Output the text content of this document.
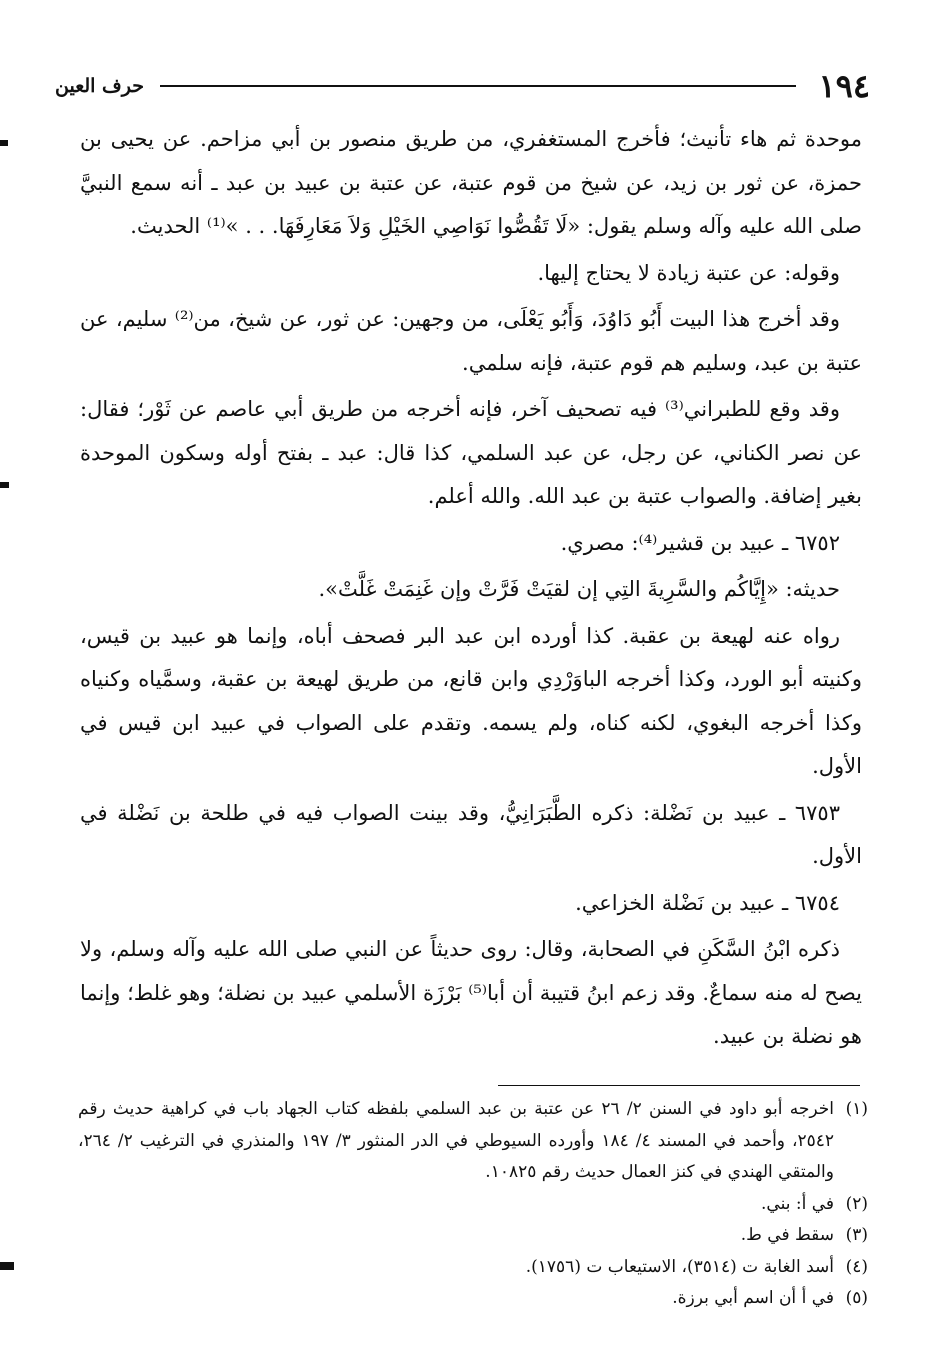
١٩٤
حرف العين

موحدة ثم هاء تأنيث؛ فأخرج المستغفري، من طريق منصور بن أبي مزاحم. عن يحيى بن حمزة، عن ثور بن زيد، عن شيخ من قوم عتبة، عن عتبة بن عبيد بن عبد ـ أنه سمع النبيَّ صلى الله عليه وآله وسلم يقول: «لَا تَقُصُّوا نَوَاصِي الخَيْلِ وَلاَ مَعَارِفَهَا. . . »⁽¹⁾ الحديث.

وقوله: عن عتبة زيادة لا يحتاج إليها.

وقد أخرج هذا البيت أَبُو دَاوُدَ، وَأَبُو يَعْلَى، من وجهين: عن ثور، عن شيخ، من⁽²⁾ سليم، عن عتبة بن عبد، وسليم هم قوم عتبة، فإنه سلمي.

وقد وقع للطبراني⁽³⁾ فيه تصحيف آخر، فإنه أخرجه من طريق أبي عاصم عن ثَوْر؛ فقال: عن نصر الكناني، عن رجل، عن عبد السلمي، كذا قال: عبد ـ بفتح أوله وسكون الموحدة بغير إضافة. والصواب عتبة بن عبد الله. والله أعلم.

٦٧٥٢ ـ عبيد بن قشير⁽⁴⁾: مصري.

حديثه: «إِيَّاكُم والسَّرِيةَ التِي إن لقيَتْ فَرَّتْ وإن غَنِمَتْ غَلَّتْ».

رواه عنه لهيعة بن عقبة. كذا أورده ابن عبد البر فصحف أباه، وإنما هو عبيد بن قيس، وكنيته أبو الورد، وكذا أخرجه الباوَرْدِي وابن قانع، من طريق لهيعة بن عقبة، وسمَّياه وكنياه وكذا أخرجه البغوي، لكنه كناه، ولم يسمه. وتقدم على الصواب في عبيد ابن قيس في الأول.

٦٧٥٣ ـ عبيد بن نَضْلة: ذكره الطَّبَرَانِيُّ، وقد بينت الصواب فيه في طلحة بن نَضْلة في الأول.

٦٧٥٤ ـ عبيد بن نَضْلة الخزاعي.

ذكره ابْنُ السَّكَنِ في الصحابة، وقال: روى حديثاً عن النبي صلى الله عليه وآله وسلم، ولا يصح له منه سماعٌ. وقد زعم ابنُ قتيبة أن أبا⁽⁵⁾ بَرْزَة الأسلمي عبيد بن نضلة؛ وهو غلط؛ وإنما هو نضلة بن عبيد.

(١)
اخرجه أبو داود في السنن ٢/ ٢٦ عن عتبة بن عبد السلمي بلفظه كتاب الجهاد باب في كراهية حديث رقم ٢٥٤٢، وأحمد في المسند ٤/ ١٨٤ وأورده السيوطي في الدر المنثور ٣/ ١٩٧ والمنذري في الترغيب ٢/ ٢٦٤، والمتقي الهندي في كنز العمال حديث رقم ١٠٨٢٥.
(٢)
في أ: بني.
(٣)
سقط في ط.
(٤)
أسد الغابة ت (٣٥١٤)، الاستيعاب ت (١٧٥٦).
(٥)
في أ أن اسم أبي برزة.
